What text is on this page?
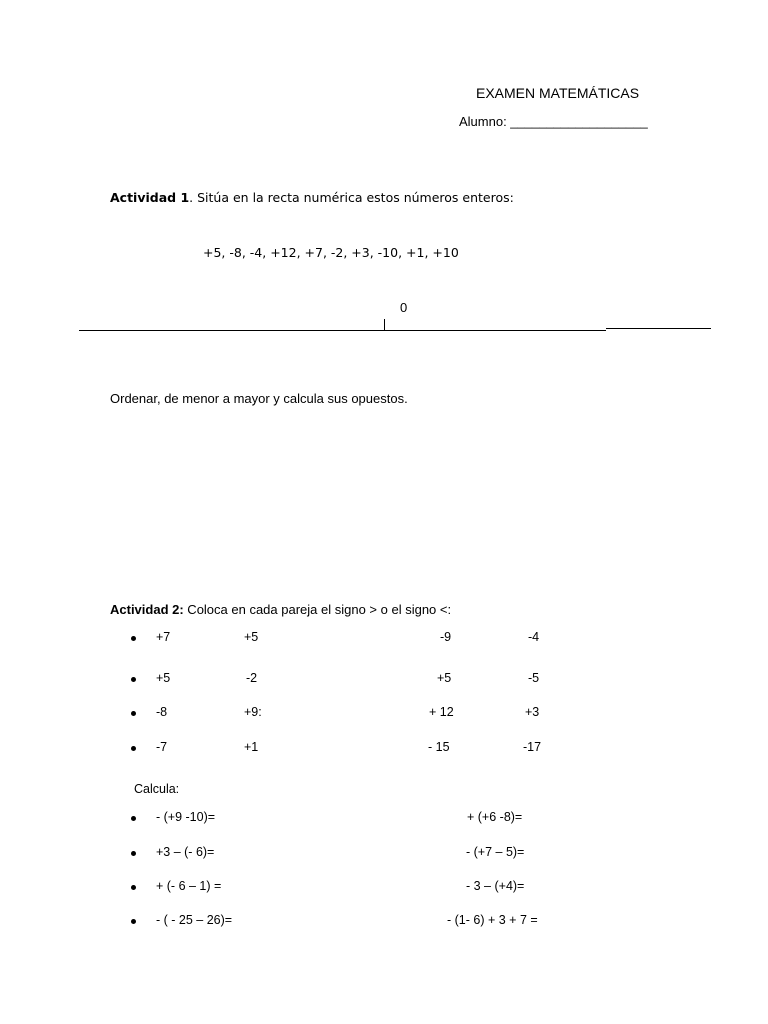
EXAMEN MATEMÁTICAS
Alumno: ___________________
Actividad 1. Sitúa en la recta numérica estos números enteros:
+5, -8, -4, +12, +7, -2, +3, -10, +1, +10
0
Ordenar, de menor a mayor y calcula sus opuestos.
Actividad 2: Coloca en cada pareja el signo > o el signo <:
+7	+5	-9	-4
+5	-2	+5	-5
-8	+9:	+ 12	+3
-7	+1	- 15	-17
Calcula:
- (+9 -10)=	+ (+6 -8)=
+3 – (- 6)=	- (+7 – 5)=
+ (- 6 – 1) =	- 3 – (+4)=
- ( - 25 – 26)=	- (1- 6) + 3 + 7 =
